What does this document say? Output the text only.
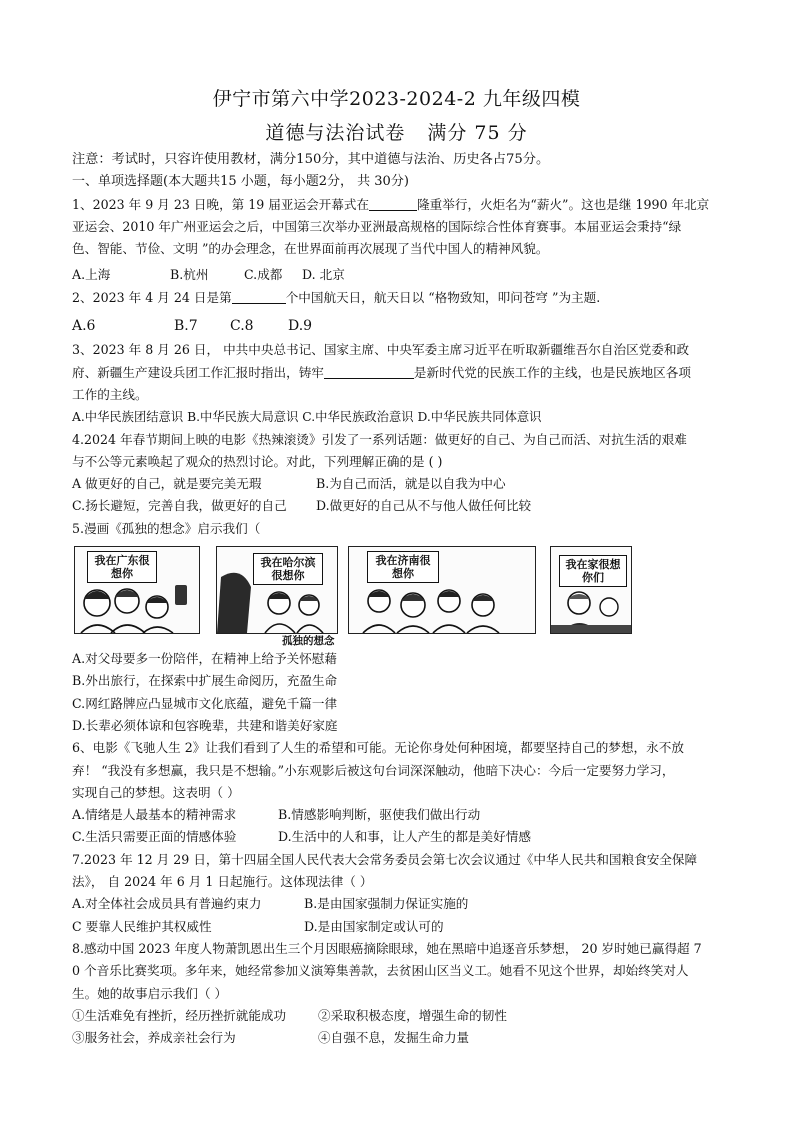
伊宁市第六中学2023-2024-2 九年级四模
道德与法治试卷 满分 75 分

注意：考试时，只容许使用教材，满分150分，其中道德与法治、历史各占75分。

一、单项选择题(本大题共15 小题，每小题2分， 共 30分)

1、2023 年 9 月 23 日晚，第 19 届亚运会开幕式在	隆重举行，火炬名为“薪火”。这也是继 1990 年北京

亚运会、2010 年广州亚运会之后，中国第三次举办亚洲最高规格的国际综合性体育赛事。本届亚运会秉持“绿

色、智能、节俭、文明 ”的办会理念，在世界面前再次展现了当代中国人的精神风貌。

A.上海	B.杭州	C.成都 D. 北京

2、2023 年 4 月 24 日是第	个中国航天日，航天日以 “格物致知，叩问苍穹 ”为主题.

A.6	B.7 C.8 D.9

3、2023 年 8 月 26 日， 中共中央总书记、国家主席、中央军委主席习近平在听取新疆维吾尔自治区党委和政

府、新疆生产建设兵团工作汇报时指出，铸牢	是新时代党的民族工作的主线，也是民族地区各项

工作的主线。

A.中华民族团结意识 B.中华民族大局意识 C.中华民族政治意识 D.中华民族共同体意识

4.2024 年春节期间上映的电影《热辣滚烫》引发了一系列话题：做更好的自己、为自己而活、对抗生活的艰难

与不公等元素唤起了观众的热烈讨论。对此，下列理解正确的是 ( )

A 做更好的自己，就是要完美无瑕	B.为自己而活，就是以自我为中心

C.扬长避短，完善自我，做更好的自己 D.做更好的自己从不与他人做任何比较

5.漫画《孤独的想念》启示我们（

我在广东很想你
我在哈尔滨很想你
我在济南很想你
我在家很想你们
孤独的想念

A.对父母要多一份陪伴，在精神上给予关怀慰藉

B.外出旅行，在探索中扩展生命阅历，充盈生命

C.网红路牌应凸显城市文化底蕴，避免千篇一律

D.长辈必须体谅和包容晚辈，共建和谐美好家庭

6、电影《飞驰人生 2》让我们看到了人生的希望和可能。无论你身处何种困境，都要坚持自己的梦想，永不放

弃！ “我没有多想赢，我只是不想输。”小东观影后被这句台词深深触动，他暗下决心：今后一定要努力学习，

实现自己的梦想。这表明（ ）

A.情绪是人最基本的精神需求	B.情感影响判断，驱使我们做出行动

C.生活只需要正面的情感体验	D.生活中的人和事，让人产生的都是美好情感

7.2023 年 12 月 29 日，第十四届全国人民代表大会常务委员会第七次会议通过《中华人民共和国粮食安全保障

法》， 自 2024 年 6 月 1 日起施行。这体现法律（ ）

A.对全体社会成员具有普遍约束力	B.是由国家强制力保证实施的

C 要靠人民维护其权威性	D.是由国家制定或认可的

8.感动中国 2023 年度人物萧凯恩出生三个月因眼癌摘除眼球，她在黑暗中追逐音乐梦想， 20 岁时她已赢得超 7

0 个音乐比赛奖项。多年来，她经常参加义演筹集善款，去贫困山区当义工。她看不见这个世界，却始终笑对人

生。她的故事启示我们（ ）

①生活难免有挫折，经历挫折就能成功	②采取积极态度，增强生命的韧性

③服务社会，养成亲社会行为	④自强不息，发掘生命力量
